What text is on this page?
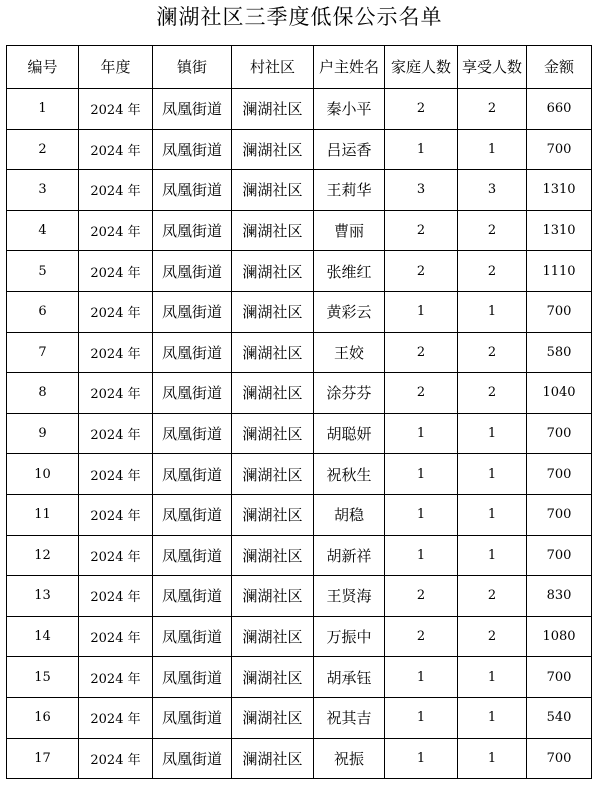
澜湖社区三季度低保公示名单
编号	年度	镇街	村社区	户主姓名	家庭人数	享受人数	金额
1	2024 年	凤凰街道	澜湖社区	秦小平	2	2	660
2	2024 年	凤凰街道	澜湖社区	吕运香	1	1	700
3	2024 年	凤凰街道	澜湖社区	王莉华	3	3	1310
4	2024 年	凤凰街道	澜湖社区	曹丽	2	2	1310
5	2024 年	凤凰街道	澜湖社区	张维红	2	2	1110
6	2024 年	凤凰街道	澜湖社区	黄彩云	1	1	700
7	2024 年	凤凰街道	澜湖社区	王姣	2	2	580
8	2024 年	凤凰街道	澜湖社区	涂芬芬	2	2	1040
9	2024 年	凤凰街道	澜湖社区	胡聪妍	1	1	700
10	2024 年	凤凰街道	澜湖社区	祝秋生	1	1	700
11	2024 年	凤凰街道	澜湖社区	胡稳	1	1	700
12	2024 年	凤凰街道	澜湖社区	胡新祥	1	1	700
13	2024 年	凤凰街道	澜湖社区	王贤海	2	2	830
14	2024 年	凤凰街道	澜湖社区	万振中	2	2	1080
15	2024 年	凤凰街道	澜湖社区	胡承钰	1	1	700
16	2024 年	凤凰街道	澜湖社区	祝其吉	1	1	540
17	2024 年	凤凰街道	澜湖社区	祝振	1	1	700
